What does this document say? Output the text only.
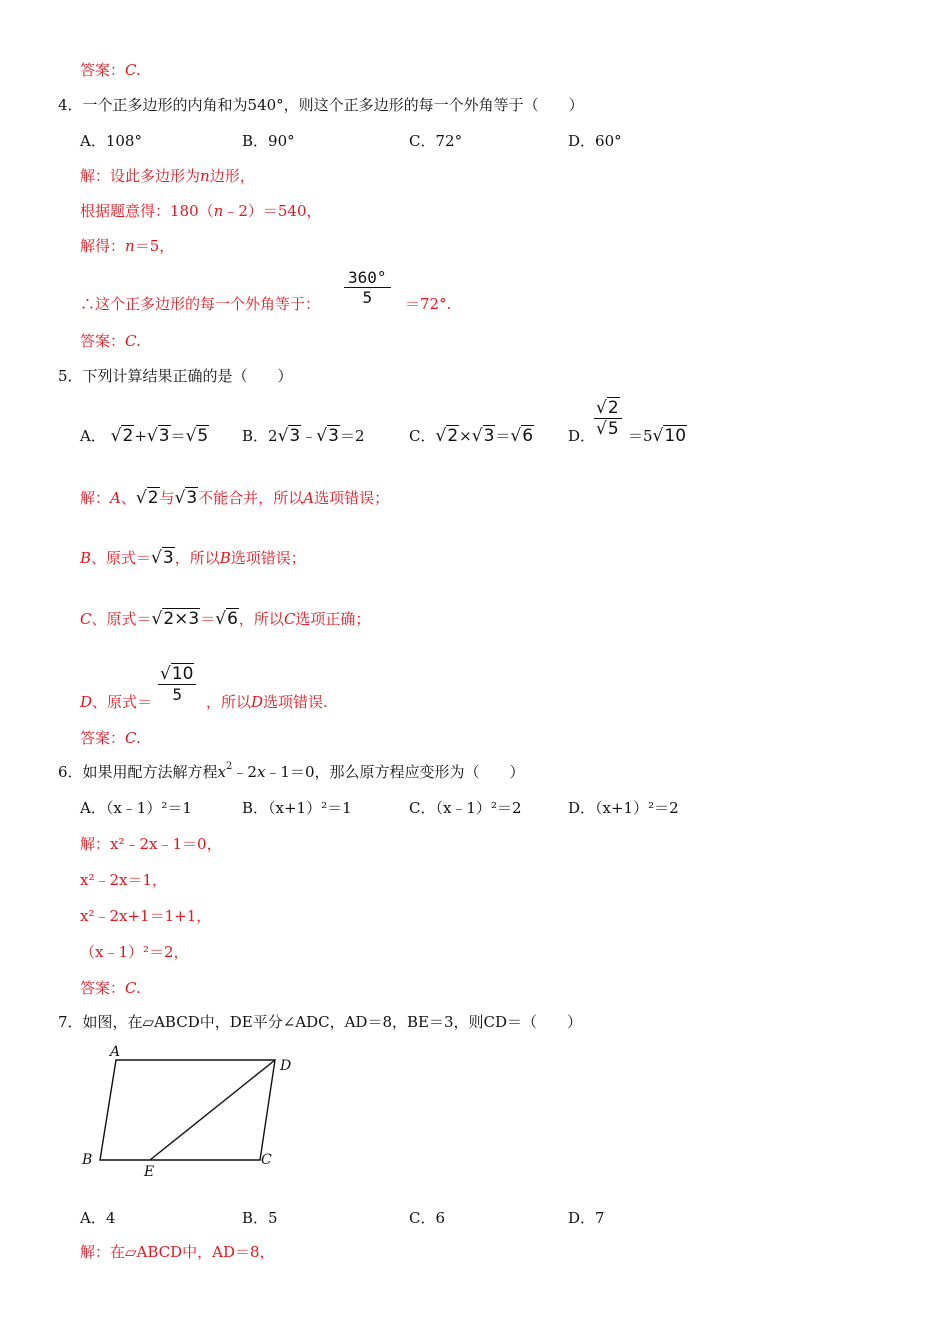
答案：C.
4．一个正多边形的内角和为540°，则这个正多边形的每一个外角等于（　　）
A．108°	B．90°	C．72°	D．60°
解：设此多边形为n边形，
根据题意得：180（n﹣2）＝540，
解得：n＝5，
∴这个正多边形的每一个外角等于： $\frac{360^\circ}{5} =72^\circ$.
答案：C.
5．下列计算结果正确的是（　　）
A． √2+√3＝√5 B．2√3﹣√3＝2	C．√2×√3＝√6 D．
√2
√5 ＝5√10
解：A、√2与√3不能合并，所以A选项错误；
B、原式＝√3，所以B选项错误；
C、原式＝√2×3＝√6，所以C选项正确；
D、原式＝
√10
5	，所以D选项错误.
答案：C.
6．如果用配方法解方程$x^2﹣2x﹣1=0$，那么原方程应变形为（　　）
A．（x﹣1）²＝1	B．（x+1）²＝1	C．（x﹣1）²＝2	D．（x+1）²＝2
解：x²﹣2x﹣1＝0，
x²﹣2x＝1，
x²﹣2x+1＝1+1，
（x﹣1）²＝2，
答案：C.
7．如图，在▱ABCD中，DE平分∠ADC，AD＝8，BE＝3，则CD＝（　　）
A
D
B	C
E
A．4	B．5	C．6	D．7
解：在▱ABCD中，AD＝8，
